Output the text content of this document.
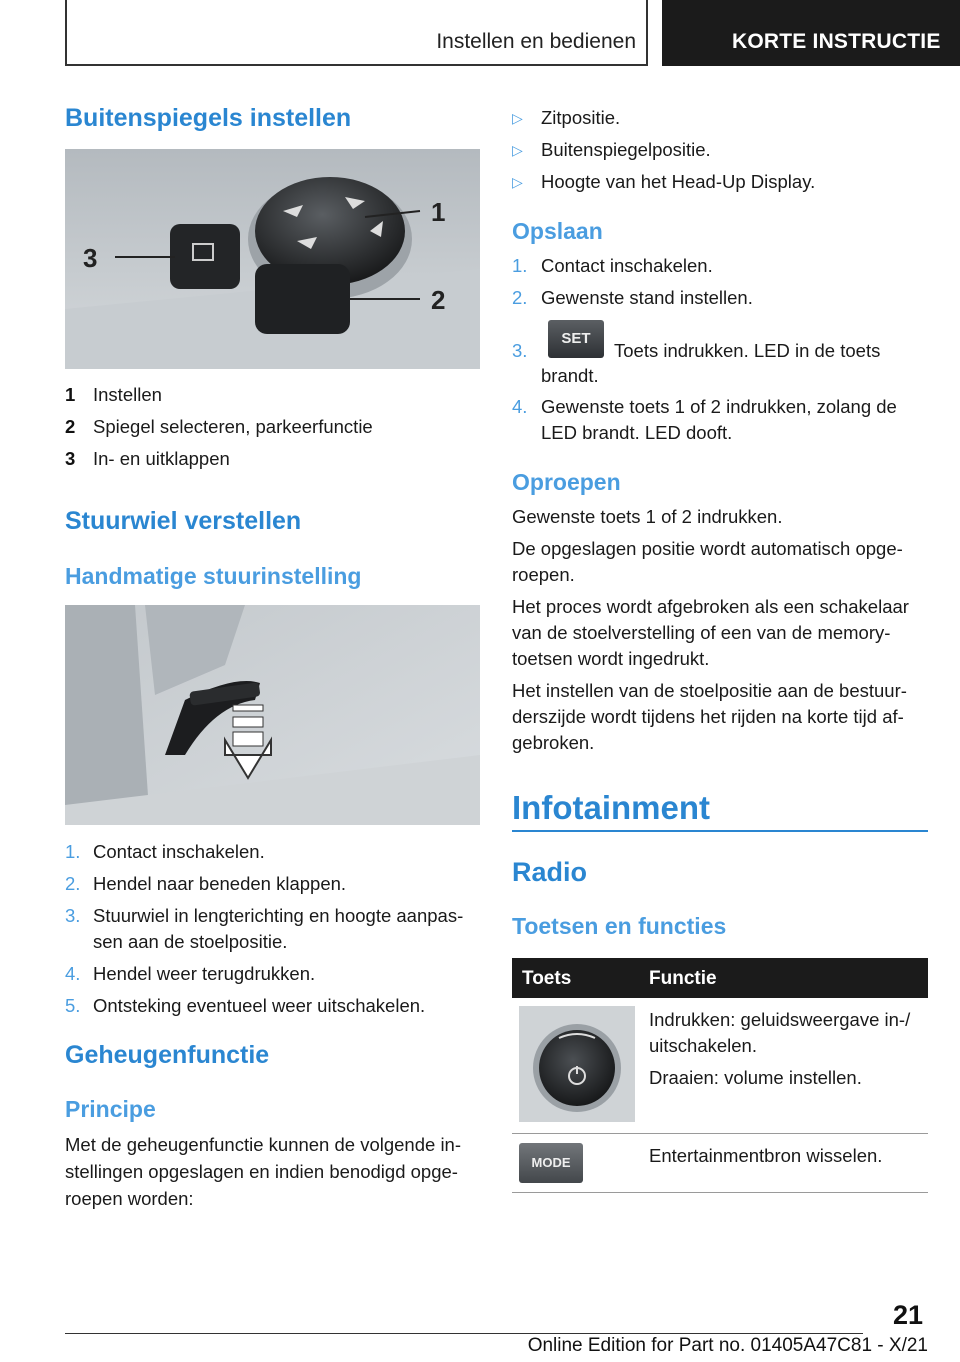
Instellen en bedienen	KORTE INSTRUCTIE
Buitenspiegels instellen
3
1
2
1 Instellen
2 Spiegel selecteren, parkeerfunctie
3 In- en uitklappen
Stuurwiel verstellen
Handmatige stuurinstelling
1. Contact inschakelen.
2. Hendel naar beneden klappen.
3. Stuurwiel in lengterichting en hoogte aanpas-
sen aan de stoelpositie.
4. Hendel weer terugdrukken.
5. Ontsteking eventueel weer uitschakelen.
Geheugenfunctie
Principe
Met de geheugenfunctie kunnen de volgende in-
stellingen opgeslagen en indien benodigd opge-
roepen worden:
▷ Zitpositie.
▷ Buitenspiegelpositie.
▷ Hoogte van het Head-Up Display.
Opslaan
1. Contact inschakelen.
2. Gewenste stand instellen.
3.
SET
Toets indrukken. LED in de toets
brandt.
4. Gewenste toets 1 of 2 indrukken, zolang de
LED brandt. LED dooft.
Oproepen
Gewenste toets 1 of 2 indrukken.
De opgeslagen positie wordt automatisch opge-
roepen.
Het proces wordt afgebroken als een schakelaar
van de stoelverstelling of een van de memory-
toetsen wordt ingedrukt.
Het instellen van de stoelpositie aan de bestuur-
derszijde wordt tijdens het rijden na korte tijd af-
gebroken.
Infotainment
Radio
Toetsen en functies
Toets	Functie
Indrukken: geluidsweergave in-/
uitschakelen.
Draaien: volume instellen.
MODE	Entertainmentbron wisselen.
21
Online Edition for Part no. 01405A47C81 - X/21
